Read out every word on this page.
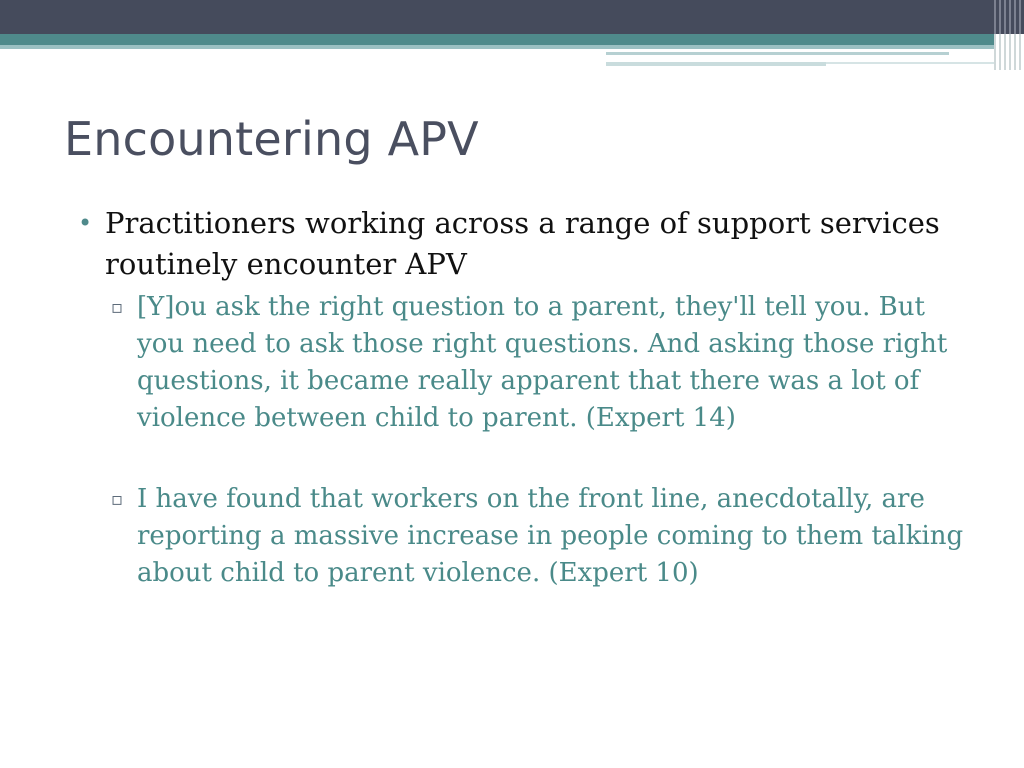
Encountering APV
• Practitioners working across a range of support services routinely encounter APV
▫ [Y]ou ask the right question to a parent, they'll tell you. But you need to ask those right questions. And asking those right questions, it became really apparent that there was a lot of violence between child to parent. (Expert 14)
▫ I have found that workers on the front line, anecdotally, are reporting a massive increase in people coming to them talking about child to parent violence. (Expert 10)
